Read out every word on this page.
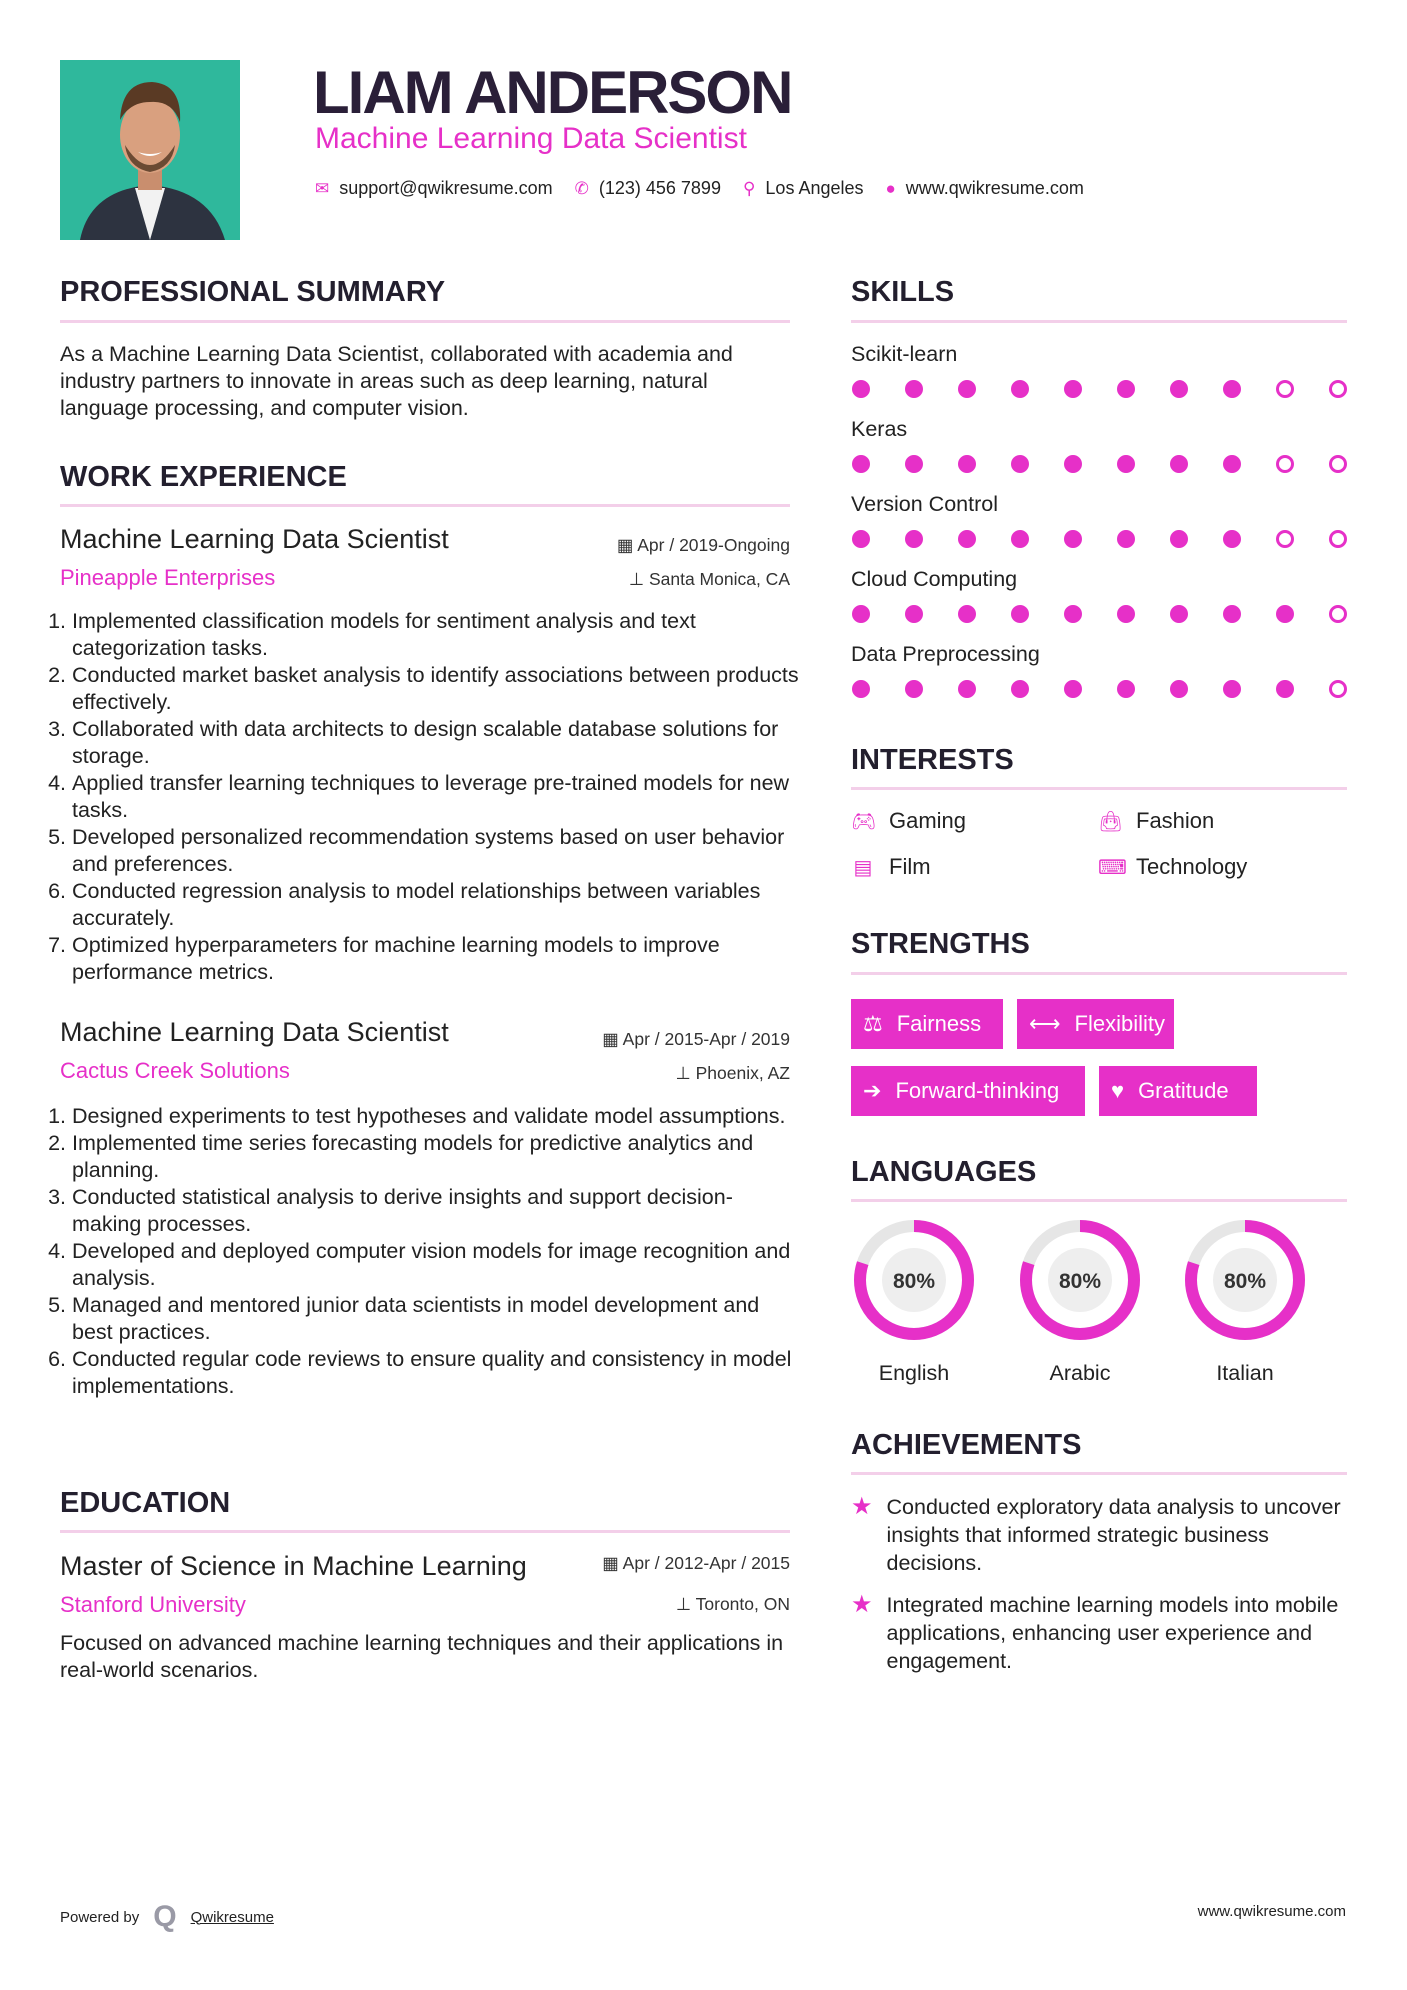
LIAM ANDERSON
Machine Learning Data Scientist
✉ support@qwikresume.com ✆ (123) 456 7899 ⚲ Los Angeles ● www.qwikresume.com
PROFESSIONAL SUMMARY
As a Machine Learning Data Scientist, collaborated with academia and industry partners to innovate in areas such as deep learning, natural language processing, and computer vision.
WORK EXPERIENCE
Machine Learning Data Scientist	▦ Apr / 2019-Ongoing
Pineapple Enterprises	⊥ Santa Monica, CA
1. Implemented classification models for sentiment analysis and text categorization tasks.
2. Conducted market basket analysis to identify associations between products effectively.
3. Collaborated with data architects to design scalable database solutions for storage.
4. Applied transfer learning techniques to leverage pre-trained models for new tasks.
5. Developed personalized recommendation systems based on user behavior and preferences.
6. Conducted regression analysis to model relationships between variables accurately.
7. Optimized hyperparameters for machine learning models to improve performance metrics.
Machine Learning Data Scientist	▦ Apr / 2015-Apr / 2019
Cactus Creek Solutions	⊥ Phoenix, AZ
1. Designed experiments to test hypotheses and validate model assumptions.
2. Implemented time series forecasting models for predictive analytics and planning.
3. Conducted statistical analysis to derive insights and support decision-making processes.
4. Developed and deployed computer vision models for image recognition and analysis.
5. Managed and mentored junior data scientists in model development and best practices.
6. Conducted regular code reviews to ensure quality and consistency in model implementations.
EDUCATION
Master of Science in Machine Learning	▦ Apr / 2012-Apr / 2015
Stanford University	⊥ Toronto, ON
Focused on advanced machine learning techniques and their applications in real-world scenarios.
SKILLS
Scikit-learn
Keras
Version Control
Cloud Computing
Data Preprocessing
INTERESTS
🎮︎ Gaming	👜︎ Fashion
▤ Film	⌨ Technology
STRENGTHS
⚖ Fairness ⟷ Flexibility
➔ Forward-thinking ♥ Gratitude
LANGUAGES
80%
English
80%
Arabic
80%
Italian
ACHIEVEMENTS
★ Conducted exploratory data analysis to uncover insights that informed strategic business decisions.
★ Integrated machine learning models into mobile applications, enhancing user experience and engagement.
Powered by Q Qwikresume	www.qwikresume.com
